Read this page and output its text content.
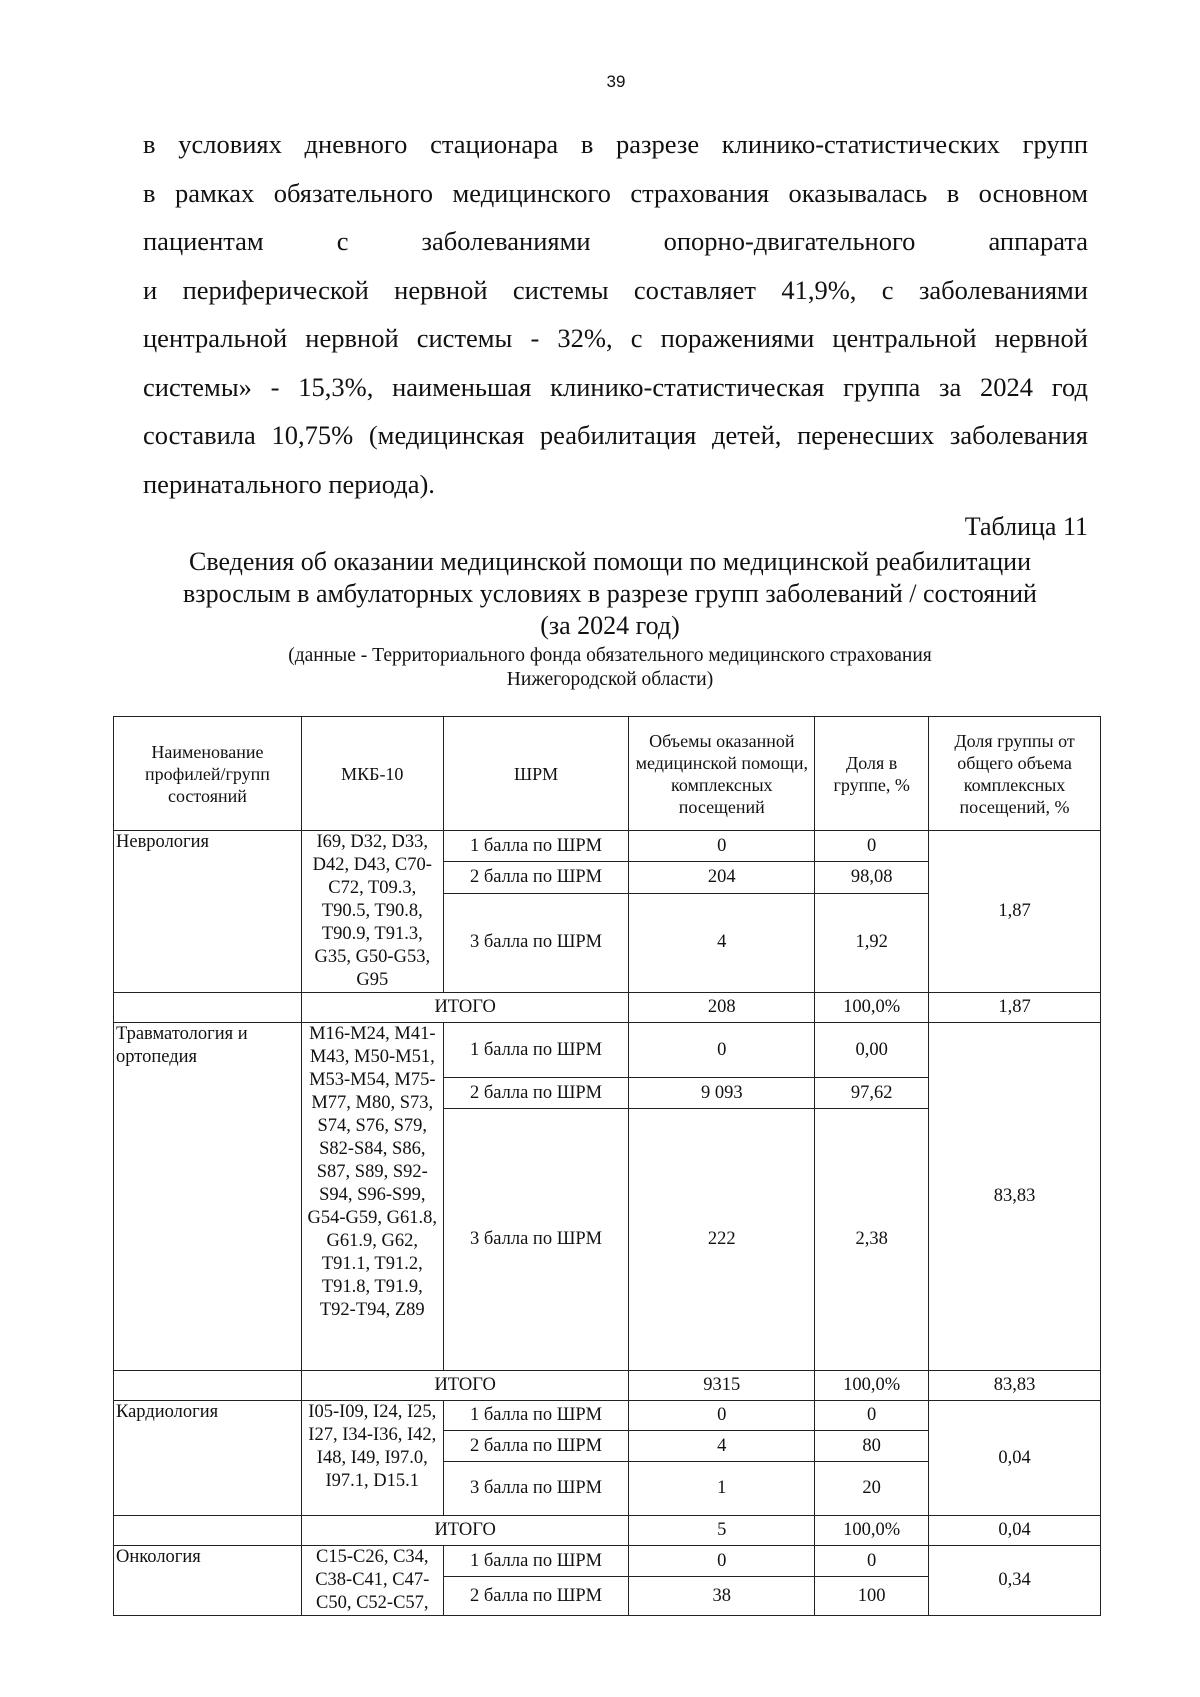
39
в условиях дневного стационара в разрезе клинико-статистических групп
в рамках обязательного медицинского страхования оказывалась в основном
пациентам	с	заболеваниями	опорно-двигательного	аппарата
и периферической нервной системы составляет 41,9%, с заболеваниями
центральной нервной системы - 32%, с поражениями центральной нервной
системы» - 15,3%, наименьшая клинико-статистическая группа за 2024 год
составила 10,75% (медицинская реабилитация детей, перенесших заболевания
перинатального периода).
Таблица 11
Сведения об оказании медицинской помощи по медицинской реабилитации
взрослым в амбулаторных условиях в разрезе групп заболеваний / состояний
(за 2024 год)
(данные - Территориального фонда обязательного медицинского страхования
Нижегородской области)
Наименование профилей/групп состояний	МКБ-10	ШРМ	Объемы оказанной медицинской помощи, комплексных посещений	Доля в группе, %	Доля группы от общего объема комплексных посещений, %
Неврология	I69, D32, D33, D42, D43, C70-C72, T09.3, T90.5, T90.8, T90.9, T91.3, G35, G50-G53, G95	1 балла по ШРМ	0	0	1,87
		2 балла по ШРМ	204	98,08	
		3 балла по ШРМ	4	1,92	
	ИТОГО		208	100,0%	1,87
Травматология и ортопедия	M16-M24, M41-M43, M50-M51, M53-M54, M75-M77, M80, S73, S74, S76, S79, S82-S84, S86, S87, S89, S92-S94, S96-S99, G54-G59, G61.8, G61.9, G62, T91.1, T91.2, T91.8, T91.9, T92-T94, Z89	1 балла по ШРМ	0	0,00	83,83
		2 балла по ШРМ	9 093	97,62	
		3 балла по ШРМ	222	2,38	
	ИТОГО		9315	100,0%	83,83
Кардиология	I05-I09, I24, I25, I27, I34-I36, I42, I48, I49, I97.0, I97.1, D15.1	1 балла по ШРМ	0	0	0,04
		2 балла по ШРМ	4	80	
		3 балла по ШРМ	1	20	
	ИТОГО		5	100,0%	0,04
Онкология	C15-C26, C34, C38-C41, C47-C50, C52-C57,	1 балла по ШРМ	0	0	0,34
		2 балла по ШРМ	38	100	
